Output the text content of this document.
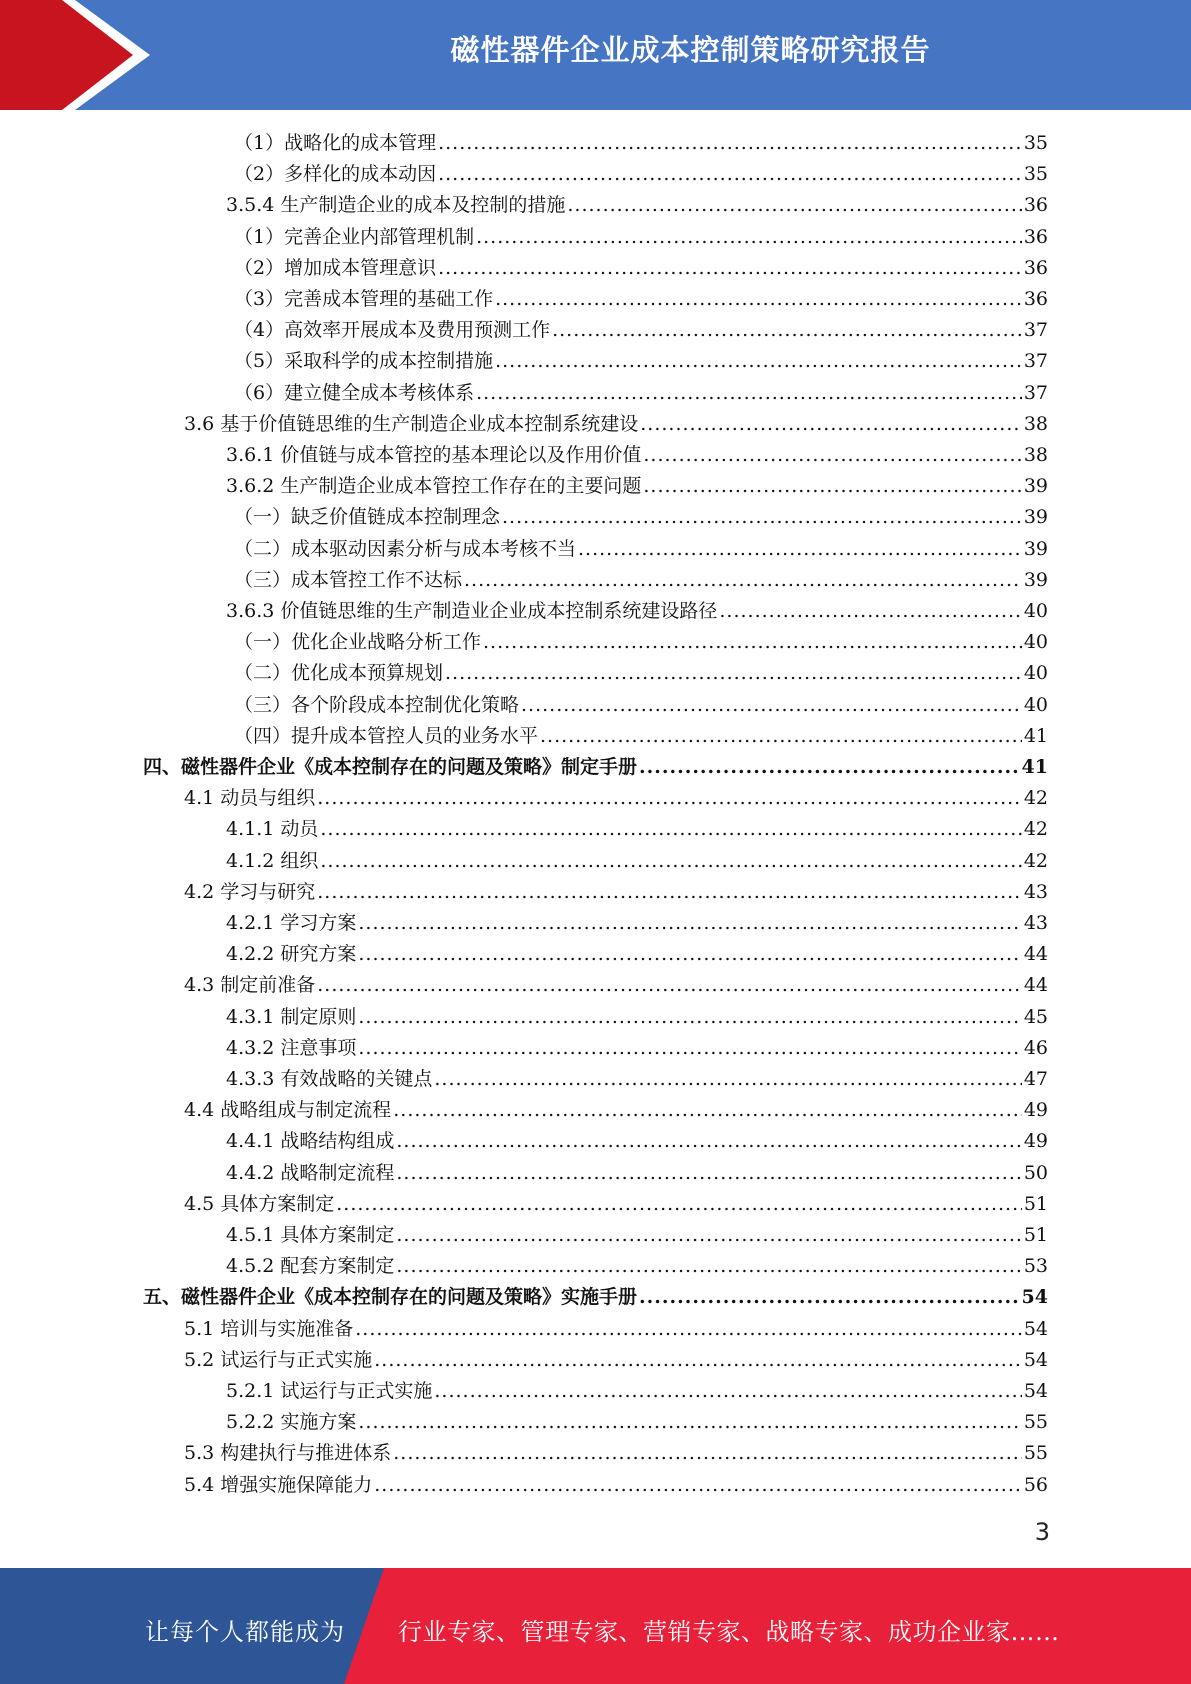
磁性器件企业成本控制策略研究报告
（1）战略化的成本管理 .....	35
（2）多样化的成本动因 .....	35
3.5.4 生产制造企业的成本及控制的措施 .....	36
（1）完善企业内部管理机制 .....	36
（2）增加成本管理意识 .....	36
（3）完善成本管理的基础工作 .....	36
（4）高效率开展成本及费用预测工作 .....	37
（5）采取科学的成本控制措施 .....	37
（6）建立健全成本考核体系 .....	37
3.6 基于价值链思维的生产制造企业成本控制系统建设 .....	38
3.6.1 价值链与成本管控的基本理论以及作用价值 .....	38
3.6.2 生产制造企业成本管控工作存在的主要问题 .....	39
（一）缺乏价值链成本控制理念 .....	39
（二）成本驱动因素分析与成本考核不当 .....	39
（三）成本管控工作不达标 .....	39
3.6.3 价值链思维的生产制造业企业成本控制系统建设路径 .....	40
（一）优化企业战略分析工作 .....	40
（二）优化成本预算规划 .....	40
（三）各个阶段成本控制优化策略 .....	40
（四）提升成本管控人员的业务水平 .....	41
四、磁性器件企业《成本控制存在的问题及策略》制定手册 .....	41
4.1 动员与组织 .....	42
4.1.1 动员 .....	42
4.1.2 组织 .....	42
4.2 学习与研究 .....	43
4.2.1 学习方案 .....	43
4.2.2 研究方案 .....	44
4.3 制定前准备 .....	44
4.3.1 制定原则 .....	45
4.3.2 注意事项 .....	46
4.3.3 有效战略的关键点 .....	47
4.4 战略组成与制定流程 .....	49
4.4.1 战略结构组成 .....	49
4.4.2 战略制定流程 .....	50
4.5 具体方案制定 .....	51
4.5.1 具体方案制定 .....	51
4.5.2 配套方案制定 .....	53
五、磁性器件企业《成本控制存在的问题及策略》实施手册 .....	54
5.1 培训与实施准备 .....	54
5.2 试运行与正式实施 .....	54
5.2.1 试运行与正式实施 .....	54
5.2.2 实施方案 .....	55
5.3 构建执行与推进体系 .....	55
5.4 增强实施保障能力 .....	56
3
让每个人都能成为 行业专家、管理专家、营销专家、战略专家、成功企业家……
